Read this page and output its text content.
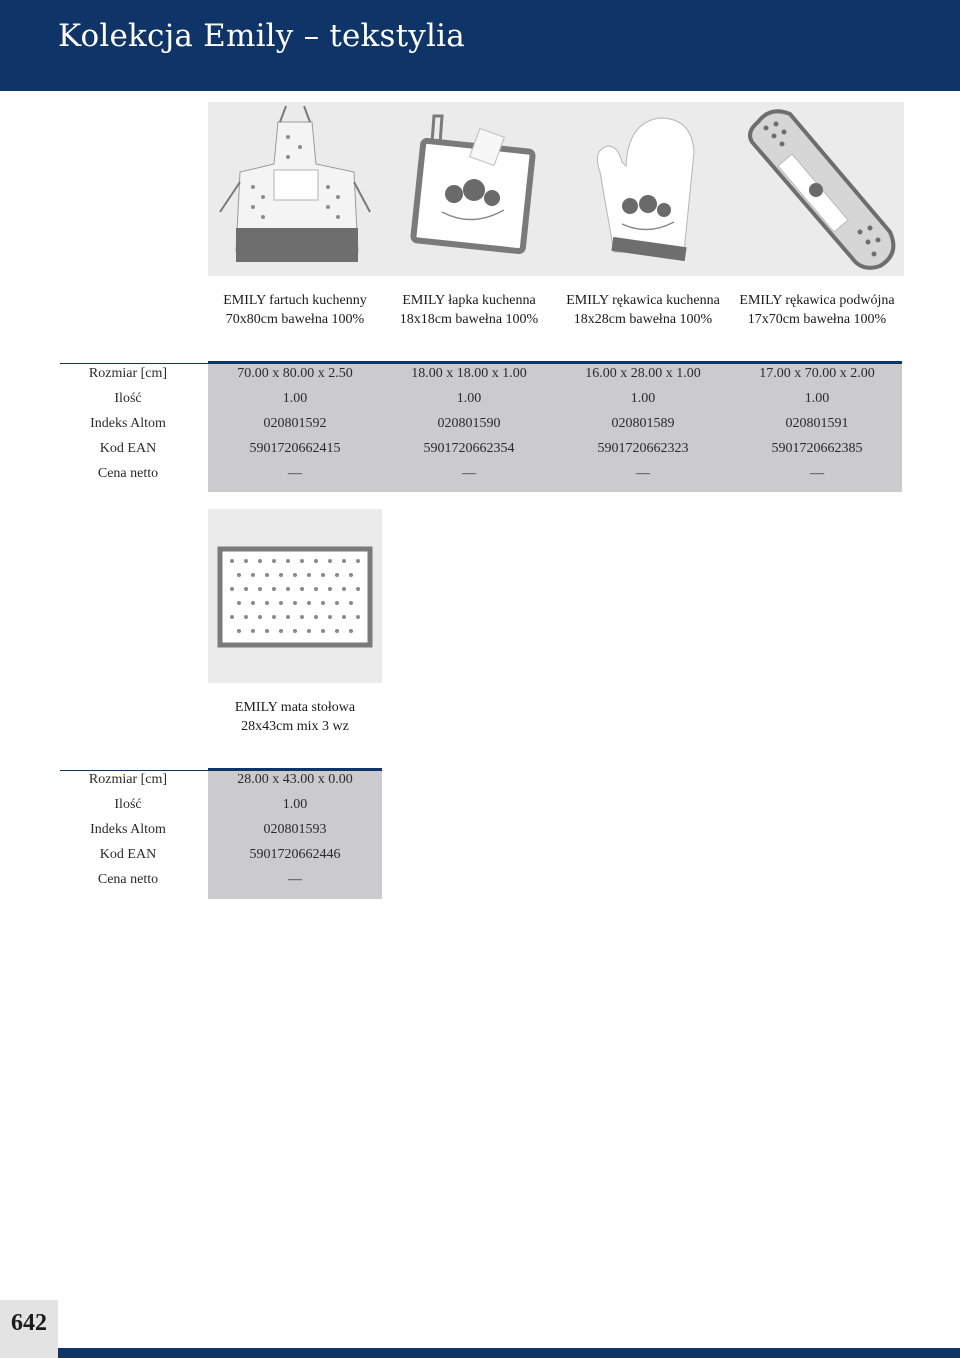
Kolekcja Emily – tekstylia
EMILY fartuch kuchenny
70x80cm bawełna 100%
EMILY łapka kuchenna
18x18cm bawełna 100%
EMILY rękawica kuchenna
18x28cm bawełna 100%
EMILY rękawica podwójna
17x70cm bawełna 100%
Rozmiar [cm]
Ilość
Indeks Altom
Kod EAN
Cena netto
70.00 x 80.00 x 2.50
1.00
020801592
5901720662415
—
18.00 x 18.00 x 1.00
1.00
020801590
5901720662354
—
16.00 x 28.00 x 1.00
1.00
020801589
5901720662323
—
17.00 x 70.00 x 2.00
1.00
020801591
5901720662385
—
EMILY mata stołowa
28x43cm mix 3 wz
Rozmiar [cm]
Ilość
Indeks Altom
Kod EAN
Cena netto
28.00 x 43.00 x 0.00
1.00
020801593
5901720662446
—
642
